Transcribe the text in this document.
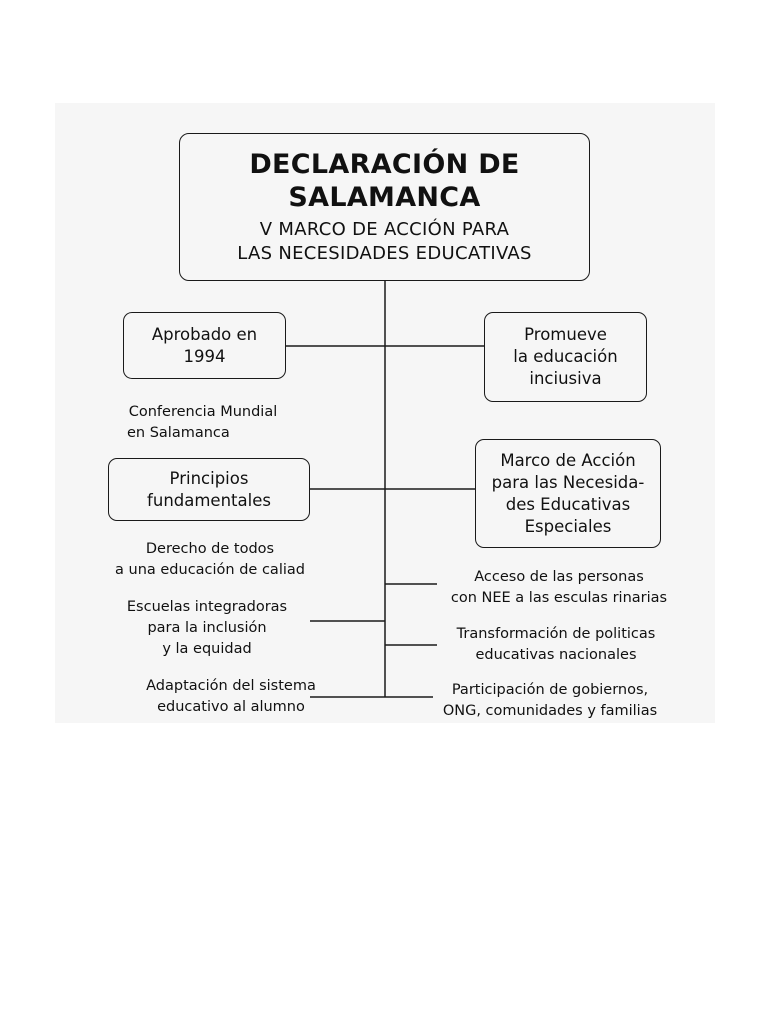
DECLARACIÓN DE
SALAMANCA
V MARCO DE ACCIÓN PARA
LAS NECESIDADES EDUCATIVAS
Aprobado en
1994
Promueve
la educación
inciusiva
Principios
fundamentales
Marco de Acción
para las Necesida-
des Educativas
Especiales
Conferencia Mundial
en Salamanca
Derecho de todos
a una educación de caliad
Escuelas integradoras
para la inclusión
y la equidad
Adaptación del sistema
educativo al alumno
Acceso de las personas
con NEE a las esculas rinarias
Transformación de politicas
educativas nacionales
Participación de gobiernos,
ONG, comunidades y familias
